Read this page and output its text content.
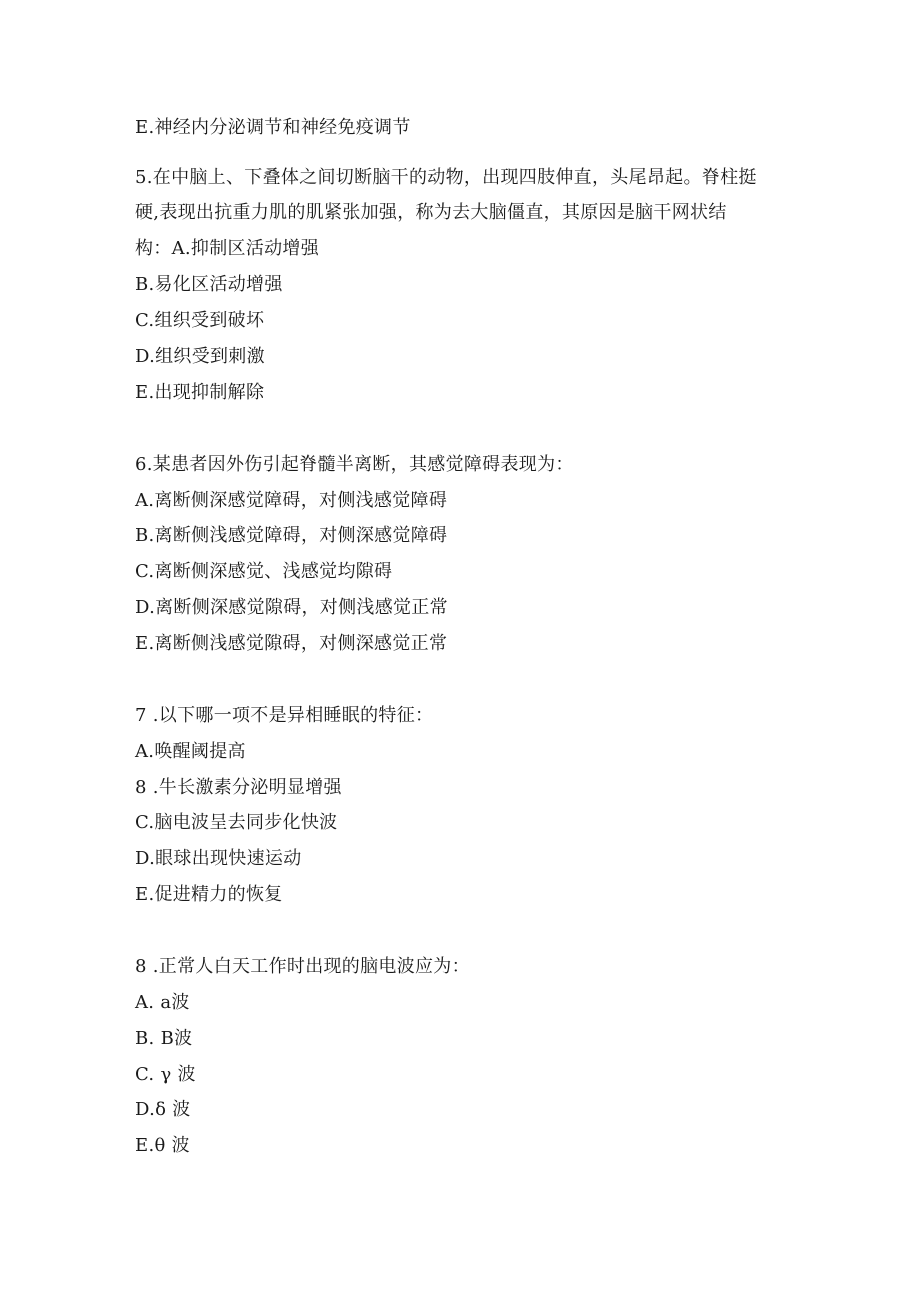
E.神经内分泌调节和神经免疫调节
5.在中脑上、下叠体之间切断脑干的动物，出现四肢伸直，头尾昂起。脊柱挺
硬,表现出抗重力肌的肌紧张加强，称为去大脑僵直，其原因是脑干网状结
构：A.抑制区活动增强
B.易化区活动增强
C.组织受到破坏
D.组织受到刺激
E.出现抑制解除
6.某患者因外伤引起脊髓半离断，其感觉障碍表现为：
A.离断侧深感觉障碍，对侧浅感觉障碍
B.离断侧浅感觉障碍，对侧深感觉障碍
C.离断侧深感觉、浅感觉均隙碍
D.离断侧深感觉隙碍，对侧浅感觉正常
E.离断侧浅感觉隙碍，对侧深感觉正常
7 .以下哪一项不是异相睡眠的特征：
A.唤醒阈提高
8 .牛长激素分泌明显增强
C.脑电波呈去同步化快波
D.眼球出现快速运动
E.促进精力的恢复
8 .正常人白天工作时出现的脑电波应为：
A. a波
B. B波
C. γ 波
D.δ 波
E.θ 波
